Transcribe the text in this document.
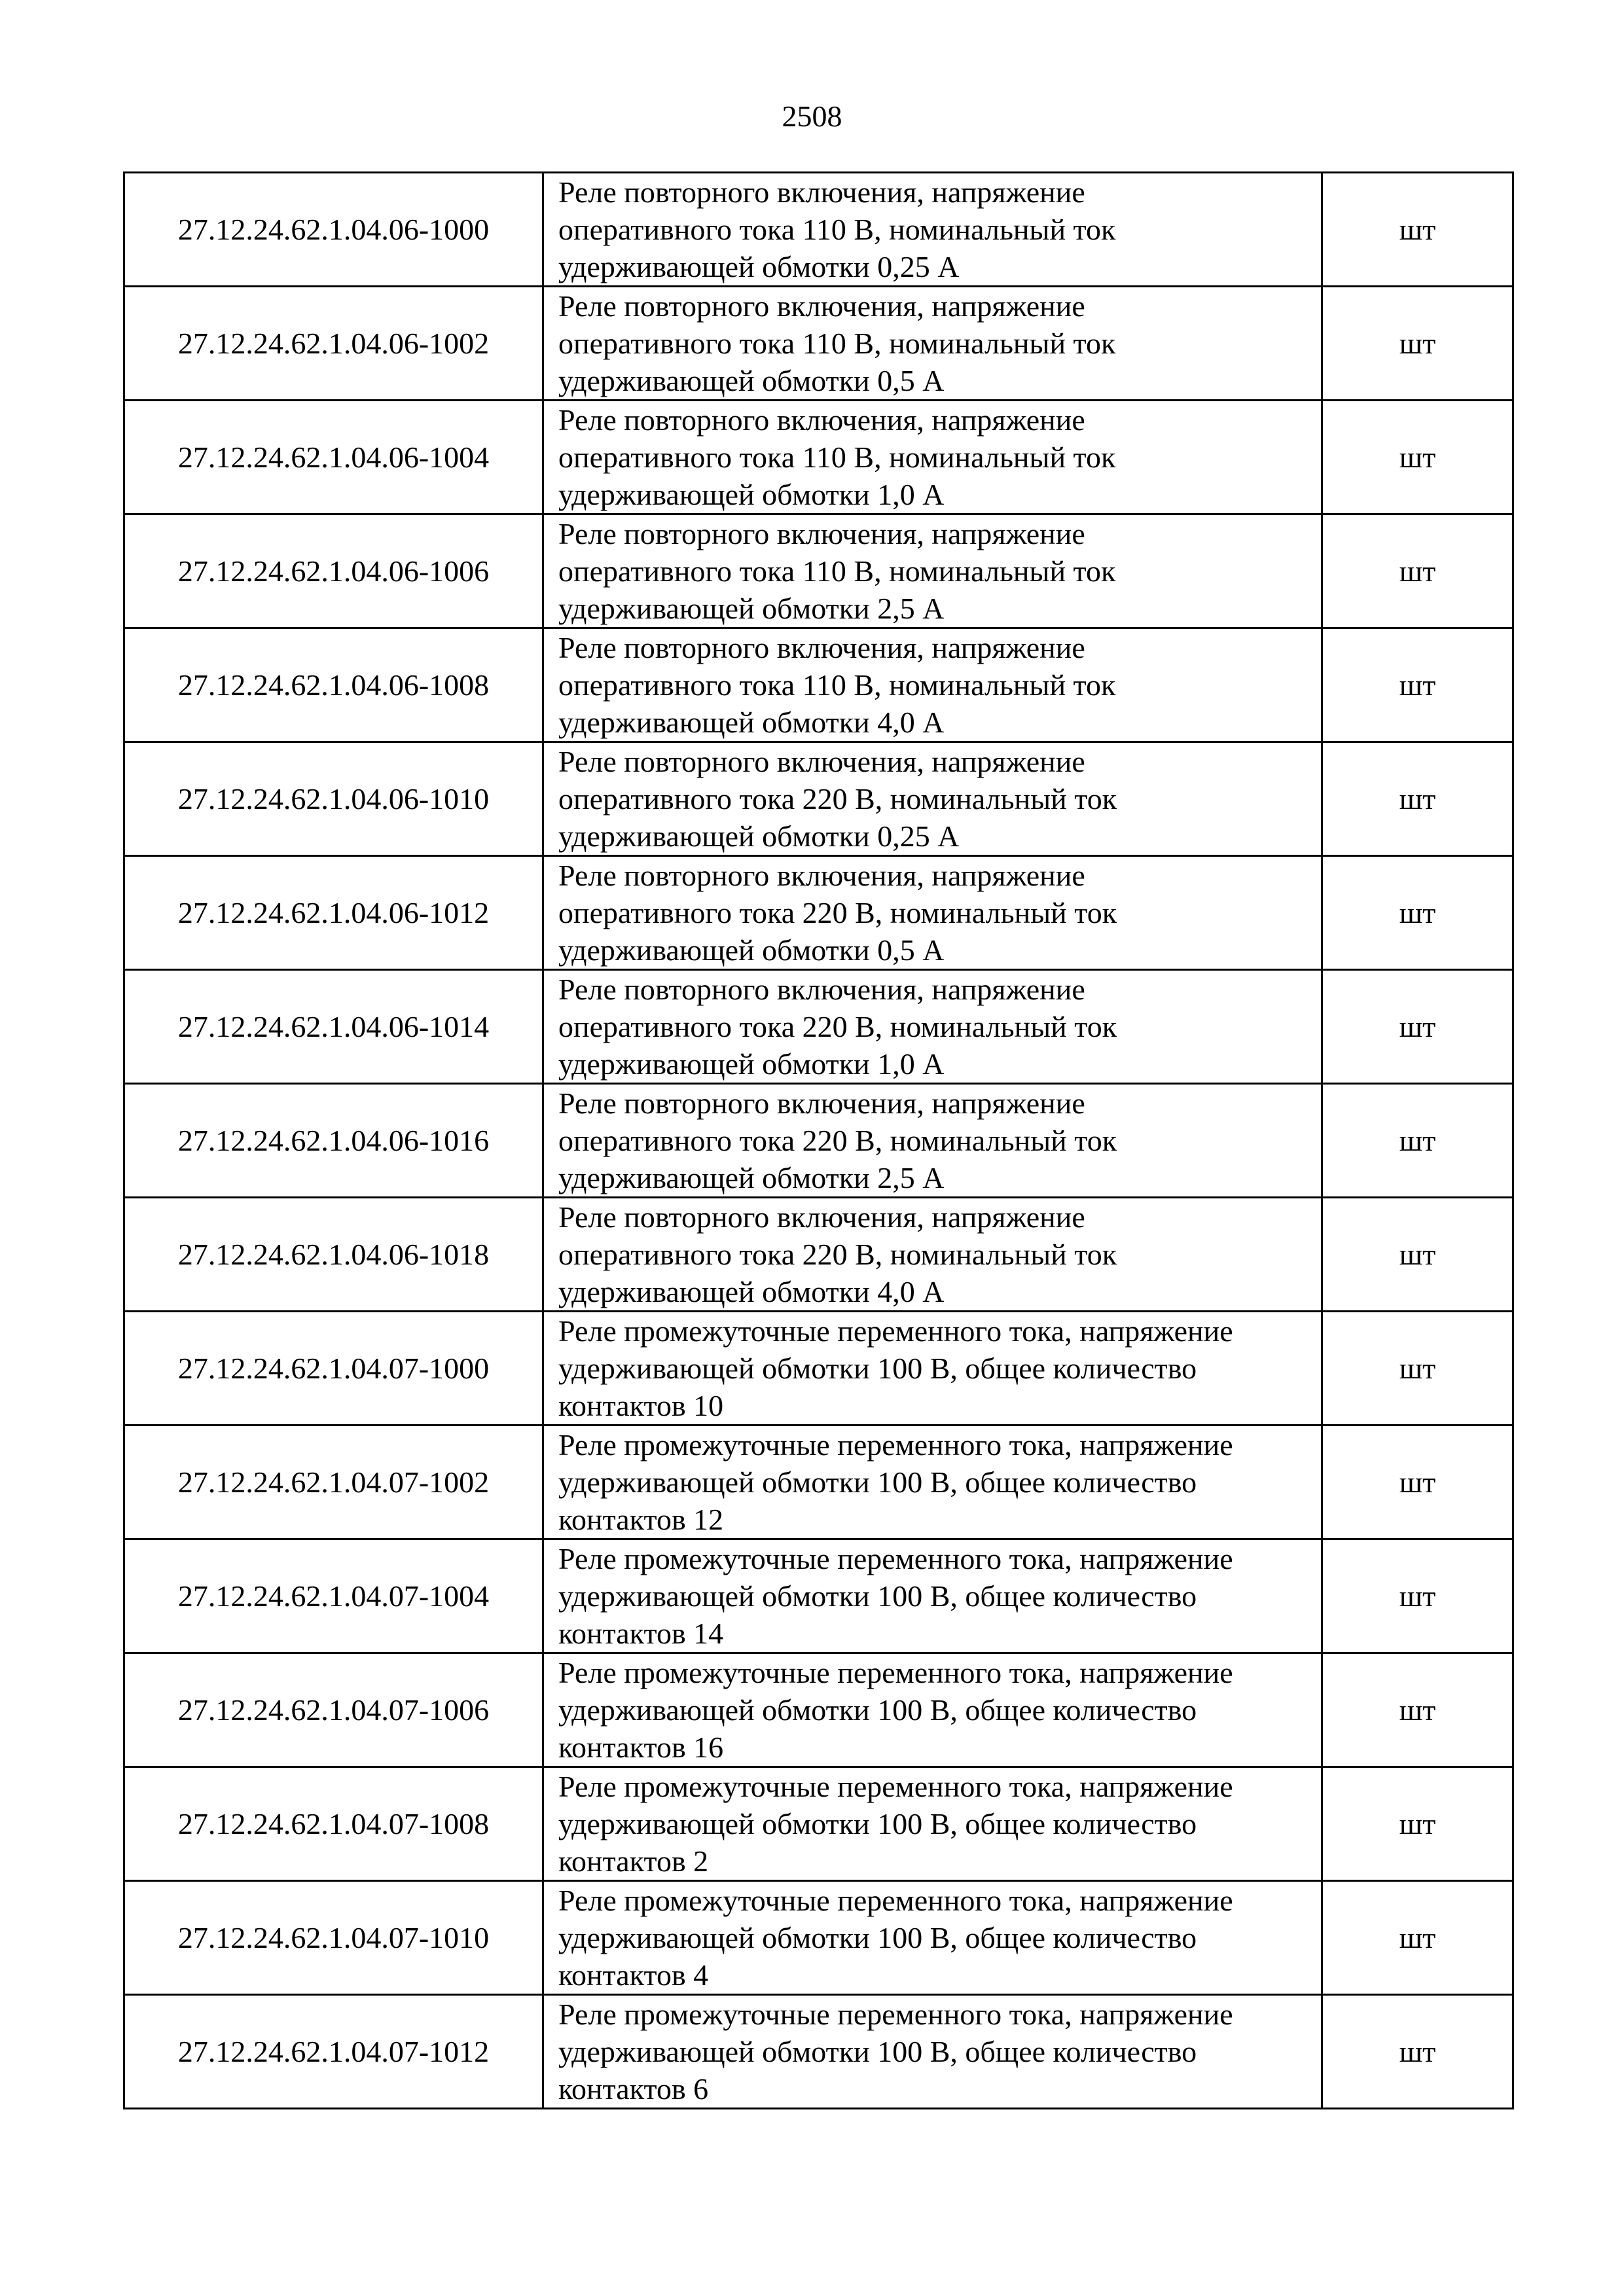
2508
27.12.24.62.1.04.06-1000	Реле повторного включения, напряжение
оперативного тока 110 В, номинальный ток
удерживающей обмотки 0,25 А	шт
27.12.24.62.1.04.06-1002	Реле повторного включения, напряжение
оперативного тока 110 В, номинальный ток
удерживающей обмотки 0,5 А	шт
27.12.24.62.1.04.06-1004	Реле повторного включения, напряжение
оперативного тока 110 В, номинальный ток
удерживающей обмотки 1,0 А	шт
27.12.24.62.1.04.06-1006	Реле повторного включения, напряжение
оперативного тока 110 В, номинальный ток
удерживающей обмотки 2,5 А	шт
27.12.24.62.1.04.06-1008	Реле повторного включения, напряжение
оперативного тока 110 В, номинальный ток
удерживающей обмотки 4,0 А	шт
27.12.24.62.1.04.06-1010	Реле повторного включения, напряжение
оперативного тока 220 В, номинальный ток
удерживающей обмотки 0,25 А	шт
27.12.24.62.1.04.06-1012	Реле повторного включения, напряжение
оперативного тока 220 В, номинальный ток
удерживающей обмотки 0,5 А	шт
27.12.24.62.1.04.06-1014	Реле повторного включения, напряжение
оперативного тока 220 В, номинальный ток
удерживающей обмотки 1,0 А	шт
27.12.24.62.1.04.06-1016	Реле повторного включения, напряжение
оперативного тока 220 В, номинальный ток
удерживающей обмотки 2,5 А	шт
27.12.24.62.1.04.06-1018	Реле повторного включения, напряжение
оперативного тока 220 В, номинальный ток
удерживающей обмотки 4,0 А	шт
27.12.24.62.1.04.07-1000	Реле промежуточные переменного тока, напряжение
удерживающей обмотки 100 В, общее количество
контактов 10	шт
27.12.24.62.1.04.07-1002	Реле промежуточные переменного тока, напряжение
удерживающей обмотки 100 В, общее количество
контактов 12	шт
27.12.24.62.1.04.07-1004	Реле промежуточные переменного тока, напряжение
удерживающей обмотки 100 В, общее количество
контактов 14	шт
27.12.24.62.1.04.07-1006	Реле промежуточные переменного тока, напряжение
удерживающей обмотки 100 В, общее количество
контактов 16	шт
27.12.24.62.1.04.07-1008	Реле промежуточные переменного тока, напряжение
удерживающей обмотки 100 В, общее количество
контактов 2	шт
27.12.24.62.1.04.07-1010	Реле промежуточные переменного тока, напряжение
удерживающей обмотки 100 В, общее количество
контактов 4	шт
27.12.24.62.1.04.07-1012	Реле промежуточные переменного тока, напряжение
удерживающей обмотки 100 В, общее количество
контактов 6	шт
